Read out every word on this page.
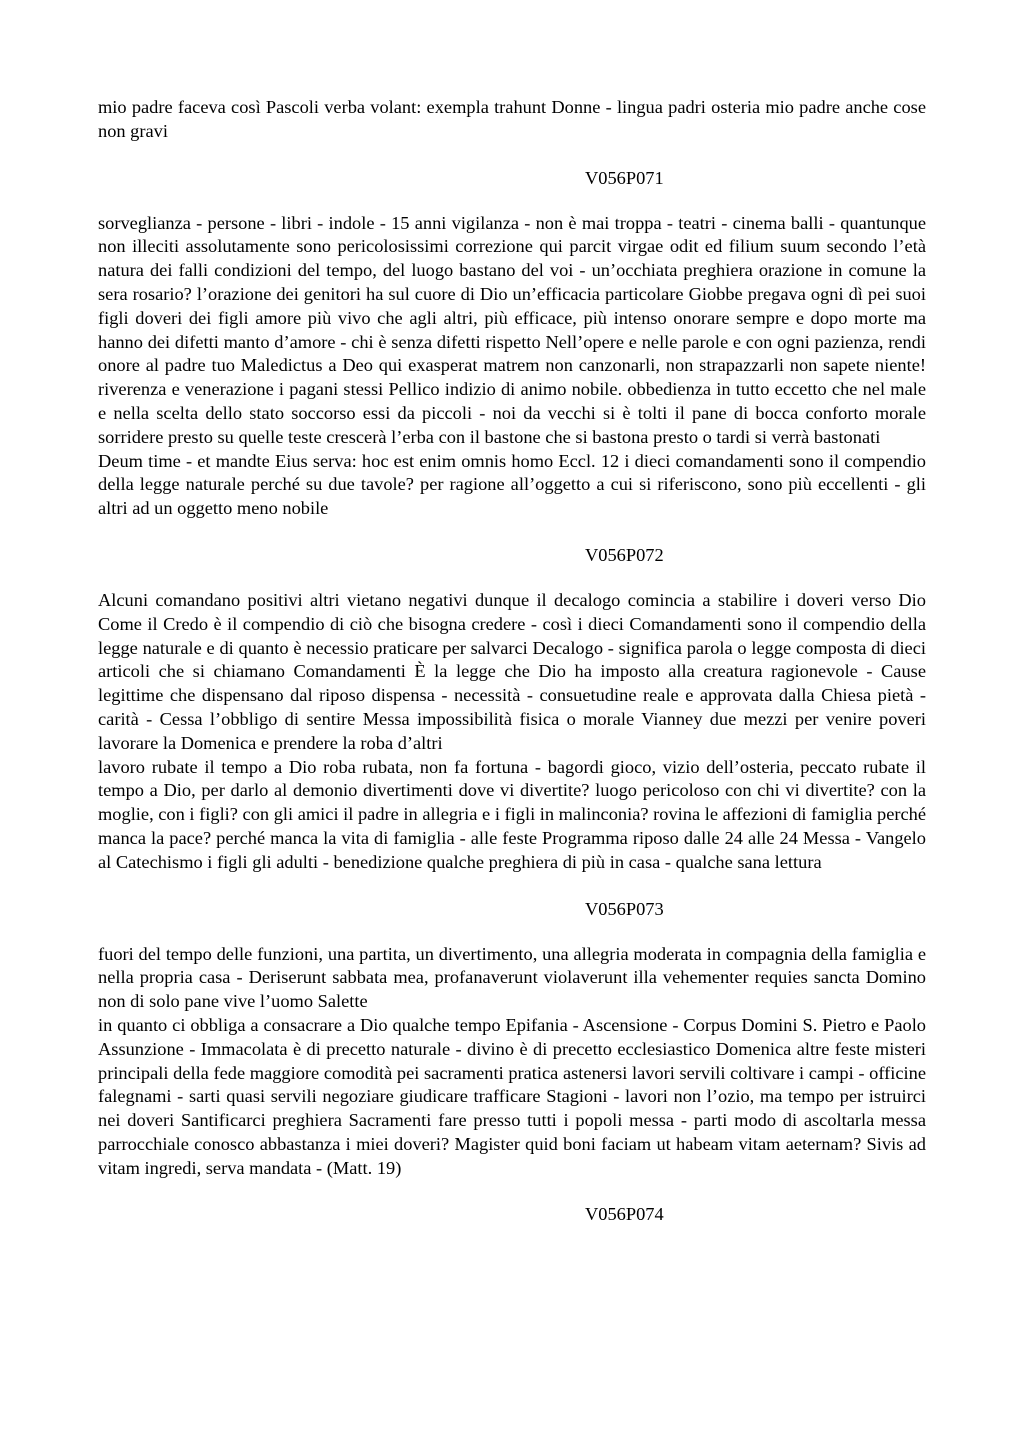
mio padre faceva così Pascoli verba volant: exempla trahunt Donne - lingua padri osteria mio padre anche cose non gravi

V056P071

sorveglianza - persone - libri - indole - 15 anni vigilanza - non è mai troppa - teatri - cinema balli - quantunque non illeciti assolutamente sono pericolosissimi correzione qui parcit virgae odit ed filium suum secondo l’età natura dei falli condizioni del tempo, del luogo bastano del voi - un’occhiata preghiera orazione in comune la sera rosario? l’orazione dei genitori ha sul cuore di Dio un’efficacia particolare Giobbe pregava ogni dì pei suoi figli doveri dei figli amore più vivo che agli altri, più efficace, più intenso onorare sempre e dopo morte ma hanno dei difetti manto d’amore - chi è senza difetti rispetto Nell’opere e nelle parole e con ogni pazienza, rendi onore al padre tuo Maledictus a Deo qui exasperat matrem non canzonarli, non strapazzarli non sapete niente! riverenza e venerazione i pagani stessi Pellico indizio di animo nobile. obbedienza in tutto eccetto che nel male e nella scelta dello stato soccorso essi da piccoli - noi da vecchi si è tolti il pane di bocca conforto morale sorridere presto su quelle teste crescerà l’erba con il bastone che si bastona presto o tardi si verrà bastonati
Deum time - et mandte Eius serva: hoc est enim omnis homo Eccl. 12 i dieci comandamenti sono il compendio della legge naturale perché su due tavole? per ragione all’oggetto a cui si riferiscono, sono più eccellenti - gli altri ad un oggetto meno nobile

V056P072

Alcuni comandano positivi altri vietano negativi dunque il decalogo comincia a stabilire i doveri verso Dio Come il Credo è il compendio di ciò che bisogna credere - così i dieci Comandamenti sono il compendio della legge naturale e di quanto è necessio praticare per salvarci Decalogo - significa parola o legge composta di dieci articoli che si chiamano Comandamenti È la legge che Dio ha imposto alla creatura ragionevole - Cause legittime che dispensano dal riposo dispensa - necessità - consuetudine reale e approvata dalla Chiesa pietà - carità - Cessa l’obbligo di sentire Messa impossibilità fisica o morale Vianney due mezzi per venire poveri lavorare la Domenica e prendere la roba d’altri
lavoro rubate il tempo a Dio roba rubata, non fa fortuna - bagordi gioco, vizio dell’osteria, peccato rubate il tempo a Dio, per darlo al demonio divertimenti dove vi divertite? luogo pericoloso con chi vi divertite? con la moglie, con i figli? con gli amici il padre in allegria e i figli in malinconia? rovina le affezioni di famiglia perché manca la pace? perché manca la vita di famiglia - alle feste Programma riposo dalle 24 alle 24 Messa - Vangelo al Catechismo i figli gli adulti - benedizione qualche preghiera di più in casa - qualche sana lettura

V056P073

fuori del tempo delle funzioni, una partita, un divertimento, una allegria moderata in compagnia della famiglia e nella propria casa - Deriserunt sabbata mea, profanaverunt violaverunt illa vehementer requies sancta Domino non di solo pane vive l’uomo Salette
in quanto ci obbliga a consacrare a Dio qualche tempo Epifania - Ascensione - Corpus Domini S. Pietro e Paolo Assunzione - Immacolata è di precetto naturale - divino è di precetto ecclesiastico Domenica altre feste misteri principali della fede maggiore comodità pei sacramenti pratica astenersi lavori servili coltivare i campi - officine falegnami - sarti quasi servili negoziare giudicare trafficare Stagioni - lavori non l’ozio, ma tempo per istruirci nei doveri Santificarci preghiera Sacramenti fare presso tutti i popoli messa - parti modo di ascoltarla messa parrocchiale conosco abbastanza i miei doveri? Magister quid boni faciam ut habeam vitam aeternam? Sivis ad vitam ingredi, serva mandata - (Matt. 19)

V056P074
